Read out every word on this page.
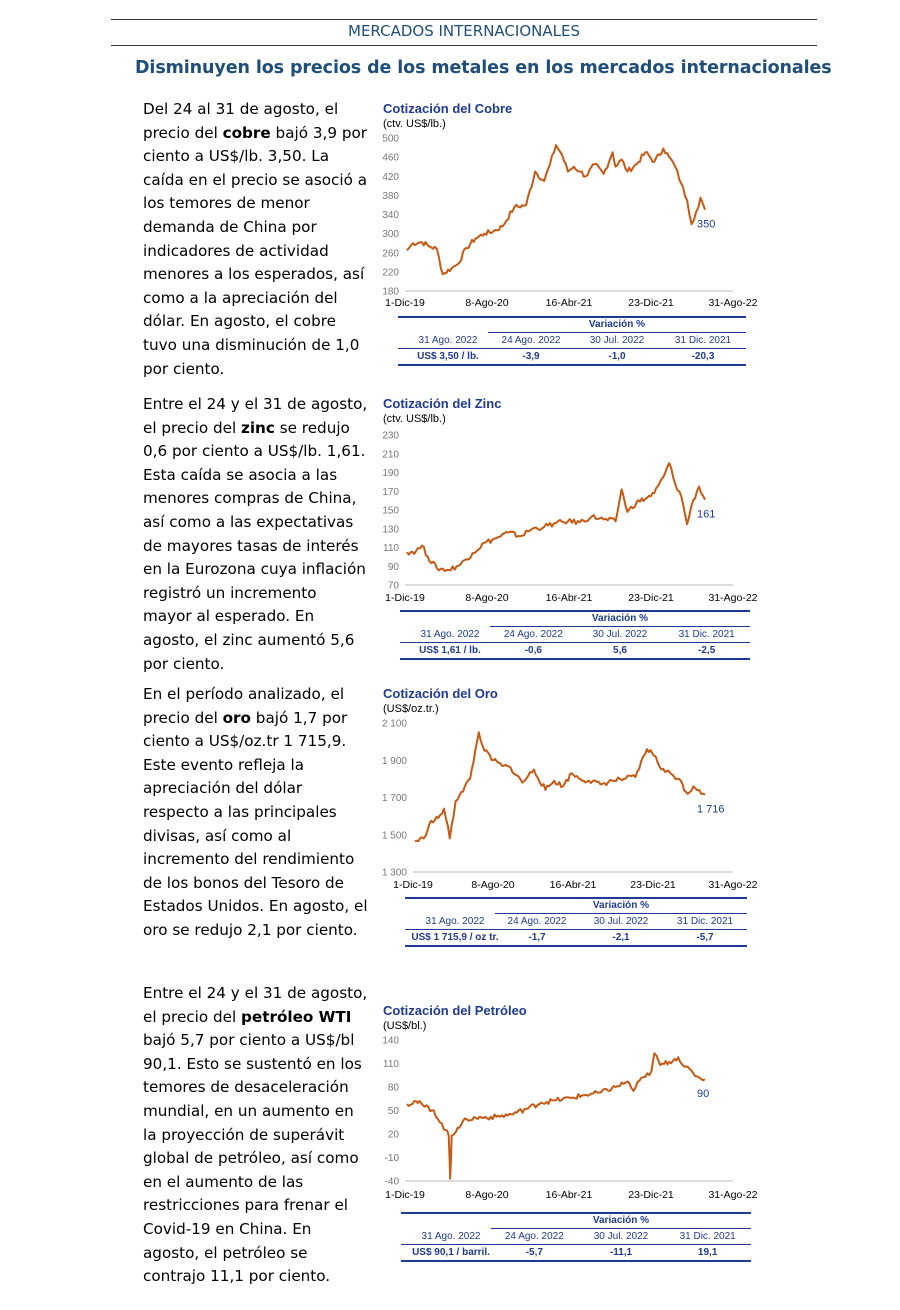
MERCADOS INTERNACIONALES
Disminuyen los precios de los metales en los mercados internacionales
Del 24 al 31 de agosto, el precio del cobre bajó 3,9 por ciento a US$/lb. 3,50. La caída en el precio se asoció a los temores de menor demanda de China por indicadores de actividad menores a los esperados, así como a la apreciación del dólar. En agosto, el cobre tuvo una disminución de 1,0 por ciento.
Entre el 24 y el 31 de agosto, el precio del zinc se redujo 0,6 por ciento a US$/lb. 1,61. Esta caída se asocia a las menores compras de China, así como a las expectativas de mayores tasas de interés en la Eurozona cuya inflación registró un incremento mayor al esperado. En agosto, el zinc aumentó 5,6 por ciento.
En el período analizado, el precio del oro bajó 1,7 por ciento a US$/oz.tr 1 715,9. Este evento refleja la apreciación del dólar respecto a las principales divisas, así como al incremento del rendimiento de los bonos del Tesoro de Estados Unidos. En agosto, el oro se redujo 2,1 por ciento.
Entre el 24 y el 31 de agosto, el precio del petróleo WTI bajó 5,7 por ciento a US$/bl 90,1. Esto se sustentó en los temores de desaceleración mundial, en un aumento en la proyección de superávit global de petróleo, así como en el aumento de las restricciones para frenar el Covid-19 en China. En agosto, el petróleo se contrajo 11,1 por ciento.
Cotización del Cobre
(ctv. US$/lb.)
500
460
420
380
340
300
260
220
180
1-Dic-19	8-Ago-20	16-Abr-21	23-Dic-21	31-Ago-22
350
Cotización del Zinc
(ctv. US$/lb.)
230
210
190
170
150
130
110
90
70
1-Dic-19	8-Ago-20	16-Abr-21	23-Dic-21	31-Ago-22
161
Cotización del Oro
(US$/oz.tr.)
2 100
1 900
1 700
1 500
1 300
1-Dic-19	8-Ago-20	16-Abr-21	23-Dic-21	31-Ago-22
1 716
Cotización del Petróleo
(US$/bl.)
140
110
80
50
20
-10
-40
1-Dic-19	8-Ago-20	16-Abr-21	23-Dic-21	31-Ago-22
90
Variación %
31 Ago. 2022	24 Ago. 2022	30 Jul. 2022	31 Dic. 2021
US$ 3,50 / lb.	-3,9	-1,0	-20,3
Variación %
31 Ago. 2022	24 Ago. 2022	30 Jul. 2022	31 Dic. 2021
US$ 1,61 / lb.	-0,6	5,6	-2,5
Variación %
31 Ago. 2022	24 Ago. 2022	30 Jul. 2022	31 Dic. 2021
US$ 1 715,9 / oz tr.	-1,7	-2,1	-5,7
Variación %
31 Ago. 2022	24 Ago. 2022	30 Jul. 2022	31 Dic. 2021
US$ 90,1 / barril.	-5,7	-11,1	19,1
